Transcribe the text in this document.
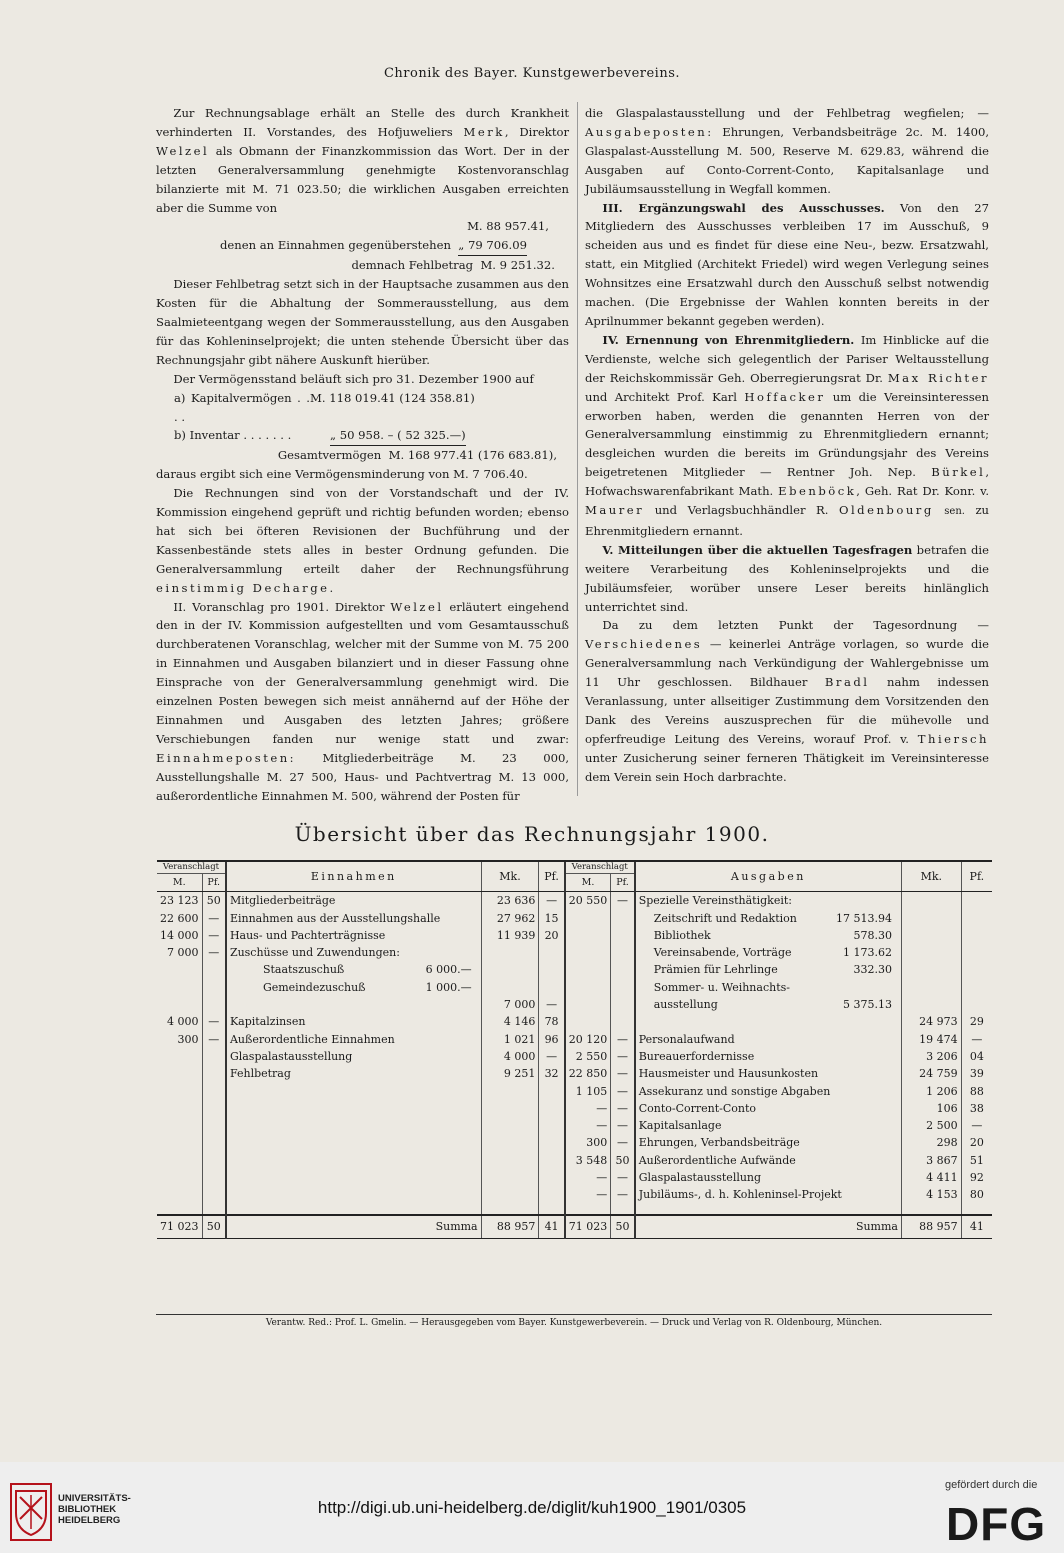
Chronik des Bayer. Kunstgewerbevereins.

Zur Rechnungsablage erhält an Stelle des durch Krankheit verhinderten II. Vorstandes, des Hofjuweliers Merk, Direktor Welzel als Obmann der Finanzkommission das Wort. Der in der letzten Generalversammlung genehmigte Kostenvoranschlag bilanzierte mit M. 71 023.50; die wirklichen Ausgaben erreichten aber die Summe von

M. 88 957.41,
denen an Einnahmen gegenüberstehen
„ 79 706.09
demnach Fehlbetrag
M. 9 251.32.

Dieser Fehlbetrag setzt sich in der Hauptsache zusammen aus den Kosten für die Abhaltung der Sommerausstellung, aus dem Saalmieteentgang wegen der Sommerausstellung, aus den Ausgaben für das Kohleninselprojekt; die unten stehende Übersicht über das Rechnungsjahr gibt nähere Auskunft hierüber.

Der Vermögensstand beläuft sich pro 31. Dezember 1900 auf

a) Kapitalvermögen . . . .
M. 118 019.41 (124 358.81)
b) Inventar . . . . . . .	„ 50 958. – ( 52 325.—)
Gesamtvermögen
M. 168 977.41 (176 683.81),

daraus ergibt sich eine Vermögensminderung von M. 7 706.40.

Die Rechnungen sind von der Vorstandschaft und der IV. Kommission eingehend geprüft und richtig befunden worden; ebenso hat sich bei öfteren Revisionen der Buchführung und der Kassenbestände stets alles in bester Ordnung gefunden. Die Generalversammlung erteilt daher der Rechnungsführung einstimmig Decharge.

II. Voranschlag pro 1901. Direktor Welzel erläutert eingehend den in der IV. Kommission aufgestellten und vom Gesamtausschuß durchberatenen Voranschlag, welcher mit der Summe von M. 75 200 in Einnahmen und Ausgaben bilanziert und in dieser Fassung ohne Einsprache von der Generalversammlung genehmigt wird. Die einzelnen Posten bewegen sich meist annähernd auf der Höhe der Einnahmen und Ausgaben des letzten Jahres; größere Verschiebungen fanden nur wenige statt und zwar: Einnahmeposten: Mitgliederbeiträge M. 23 000, Ausstellungshalle M. 27 500, Haus- und Pachtvertrag M. 13 000, außerordentliche Einnahmen M. 500, während der Posten für

die Glaspalastausstellung und der Fehlbetrag wegfielen; — Ausgabeposten: Ehrungen, Verbandsbeiträge 2c. M. 1400, Glaspalast-Ausstellung M. 500, Reserve M. 629.83, während die Ausgaben auf Conto-Corrent-Conto, Kapitalsanlage und Jubiläumsausstellung in Wegfall kommen.

III. Ergänzungswahl des Ausschusses. Von den 27 Mitgliedern des Ausschusses verbleiben 17 im Ausschuß, 9 scheiden aus und es findet für diese eine Neu-, bezw. Ersatzwahl, statt, ein Mitglied (Architekt Friedel) wird wegen Verlegung seines Wohnsitzes eine Ersatzwahl durch den Ausschuß selbst notwendig machen. (Die Ergebnisse der Wahlen konnten bereits in der Aprilnummer bekannt gegeben werden).

IV. Ernennung von Ehrenmitgliedern. Im Hinblicke auf die Verdienste, welche sich gelegentlich der Pariser Weltausstellung der Reichskommissär Geh. Oberregierungsrat Dr. Max Richter und Architekt Prof. Karl Hoffacker um die Vereinsinteressen erworben haben, werden die genannten Herren von der Generalversammlung einstimmig zu Ehrenmitgliedern ernannt; desgleichen wurden die bereits im Gründungsjahr des Vereins beigetretenen Mitglieder — Rentner Joh. Nep. Bürkel, Hofwachswarenfabrikant Math. Ebenböck, Geh. Rat Dr. Konr. v. Maurer und Verlagsbuchhändler R. Oldenbourg sen. zu Ehrenmitgliedern ernannt.

V. Mitteilungen über die aktuellen Tagesfragen betrafen die weitere Verarbeitung des Kohleninselprojekts und die Jubiläumsfeier, worüber unsere Leser bereits hinlänglich unterrichtet sind.

Da zu dem letzten Punkt der Tagesordnung — Verschiedenes — keinerlei Anträge vorlagen, so wurde die Generalversammlung nach Verkündigung der Wahlergebnisse um 11 Uhr geschlossen. Bildhauer Bradl nahm indessen Veranlassung, unter allseitiger Zustimmung dem Vorsitzenden den Dank des Vereins auszusprechen für die mühevolle und opferfreudige Leitung des Vereins, worauf Prof. v. Thiersch unter Zusicherung seiner ferneren Thätigkeit im Vereinsinteresse dem Verein sein Hoch darbrachte.

Übersicht über das Rechnungsjahr 1900.
Veranschlagt		Einnahmen	Mk.	Pf.	Veranschlagt		Ausgaben	Mk.	Pf.
M.	Pf.				M.	Pf.			
23 123	50	Mitgliederbeiträge	23 636	—	20 550	—	Spezielle Vereinsthätigkeit:		
22 600	—	Einnahmen aus der Ausstellungshalle	27 962	15			Zeitschrift und Redaktion 17 513.94		

14 000	—	Haus- und Pachterträgnisse	11 939	20			Bibliothek 578.30		

7 000	—	Zuschüsse und Zuwendungen:					Vereinsabende, Vorträge 1 173.62		

		Staatszuschuß 6 000.—					Prämien für Lehrlinge 332.30		

		Gemeindezuschuß 1 000.—					Sommer- u. Weihnachts-		
			7 000	—			ausstellung 5 375.13		

4 000	—	Kapitalzinsen	4 146	78				24 973	29
300	—	Außerordentliche Einnahmen	1 021	96	20 120	—	Personalaufwand	19 474	—
		Glaspalastausstellung	4 000	—	2 550	—	Bureauerfordernisse	3 206	04
		Fehlbetrag	9 251	32	22 850	—	Hausmeister und Hausunkosten	24 759	39
					1 105	—	Assekuranz und sonstige Abgaben	1 206	88
					—	—	Conto-Corrent-Conto	106	38
					—	—	Kapitalsanlage	2 500	—
					300	—	Ehrungen, Verbandsbeiträge	298	20
					3 548	50	Außerordentliche Aufwände	3 867	51
					—	—	Glaspalastausstellung	4 411	92
					—	—	Jubiläums-, d. h. Kohleninsel-Projekt	4 153	80

71 023	50	Summa	88 957	41	71 023	50	Summa	88 957	41
Verantw. Red.: Prof. L. Gmelin. — Herausgegeben vom Bayer. Kunstgewerbeverein. — Druck und Verlag von R. Oldenbourg, München.
UNIVERSITÄTS-
BIBLIOTHEK
HEIDELBERG
http://digi.ub.uni-heidelberg.de/diglit/kuh1900_1901/0305
gefördert durch die
DFG
